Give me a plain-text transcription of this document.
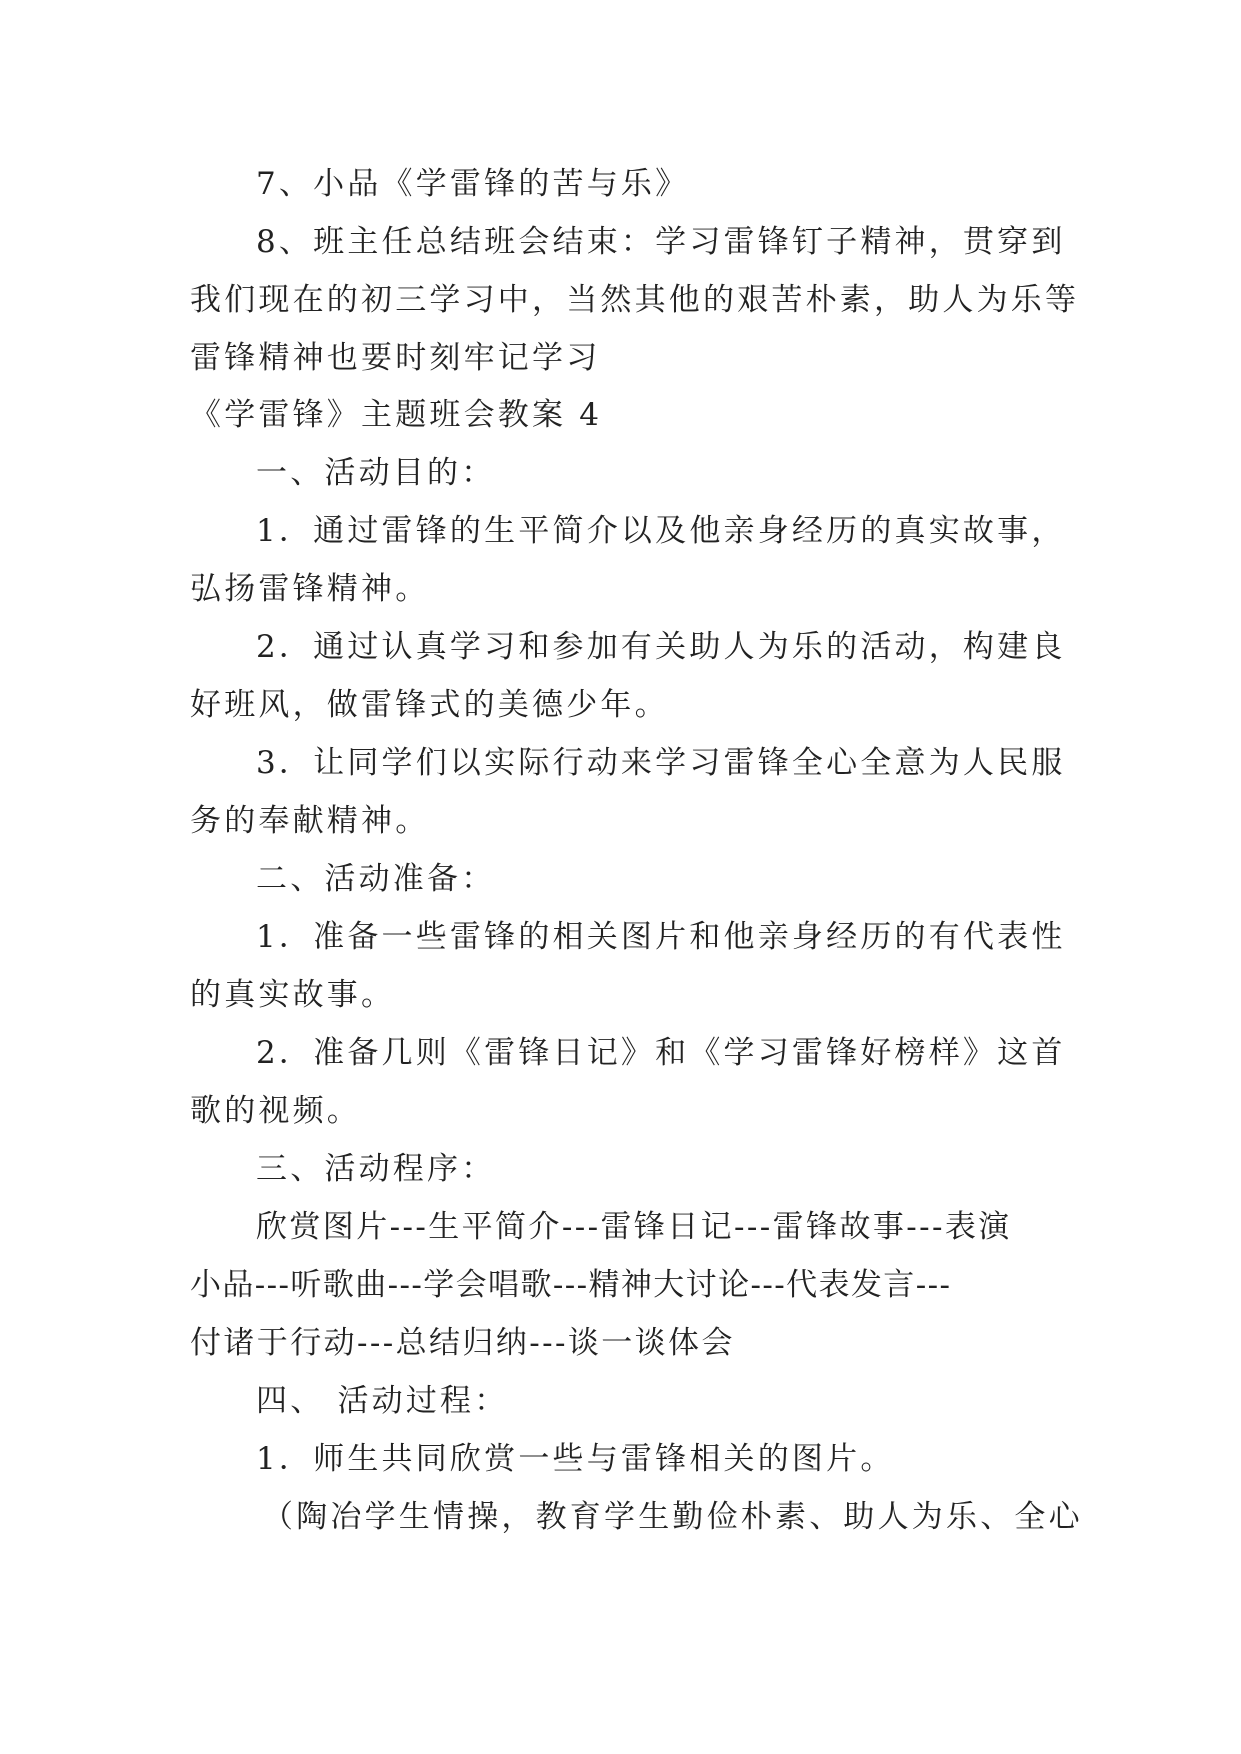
7、小品《学雷锋的苦与乐》
8、班主任总结班会结束：学习雷锋钉子精神，贯穿到
我们现在的初三学习中，当然其他的艰苦朴素，助人为乐等
雷锋精神也要时刻牢记学习
《学雷锋》主题班会教案 4
一、活动目的：
1．通过雷锋的生平简介以及他亲身经历的真实故事，
弘扬雷锋精神。
2．通过认真学习和参加有关助人为乐的活动，构建良
好班风，做雷锋式的美德少年。
3．让同学们以实际行动来学习雷锋全心全意为人民服
务的奉献精神。
二、活动准备：
1．准备一些雷锋的相关图片和他亲身经历的有代表性
的真实故事。
2．准备几则《雷锋日记》和《学习雷锋好榜样》这首
歌的视频。
三、活动程序：
欣赏图片---生平简介---雷锋日记---雷锋故事---表演
小品---听歌曲---学会唱歌---精神大讨论---代表发言---
付诸于行动---总结归纳---谈一谈体会
四、 活动过程：
1．师生共同欣赏一些与雷锋相关的图片。
（陶冶学生情操，教育学生勤俭朴素、助人为乐、全心
